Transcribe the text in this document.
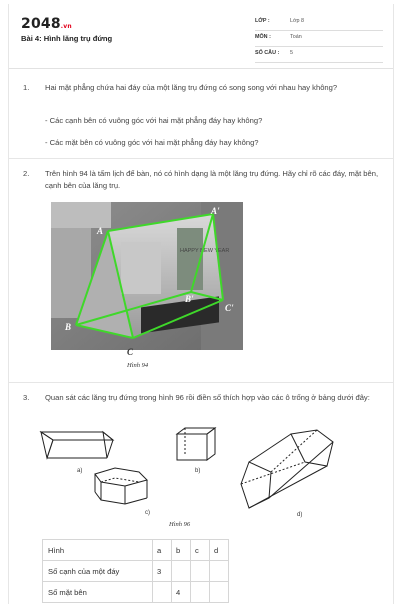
2048.vn
Bài 4: Hình lăng trụ đứng
LỚP :	Lớp 8
MÔN :	Toán
SỐ CÂU : 5
1. Hai mặt phẳng chứa hai đáy của một lăng trụ đứng có song song với nhau hay không?

- Các cạnh bên có vuông góc với hai mặt phẳng đáy hay không?
- Các mặt bên có vuông góc với hai mặt phẳng đáy hay không?
2. Trên hình 94 là tấm lịch để bàn, nó có hình dạng là một lăng trụ đứng. Hãy chỉ rõ các đáy, mặt bên, cạnh bên của lăng trụ.

HAPPY NEW YEAR
A
A'
B
B'
C'
C
Hình 94
3. Quan sát các lăng trụ đứng trong hình 96 rồi điền số thích hợp vào các ô trống ở bảng dưới đây:

a)	b)
c)	d)
Hình 96
Hình	a	b	c	d
Số cạnh của một đáy	3			
Số mặt bên		4		
